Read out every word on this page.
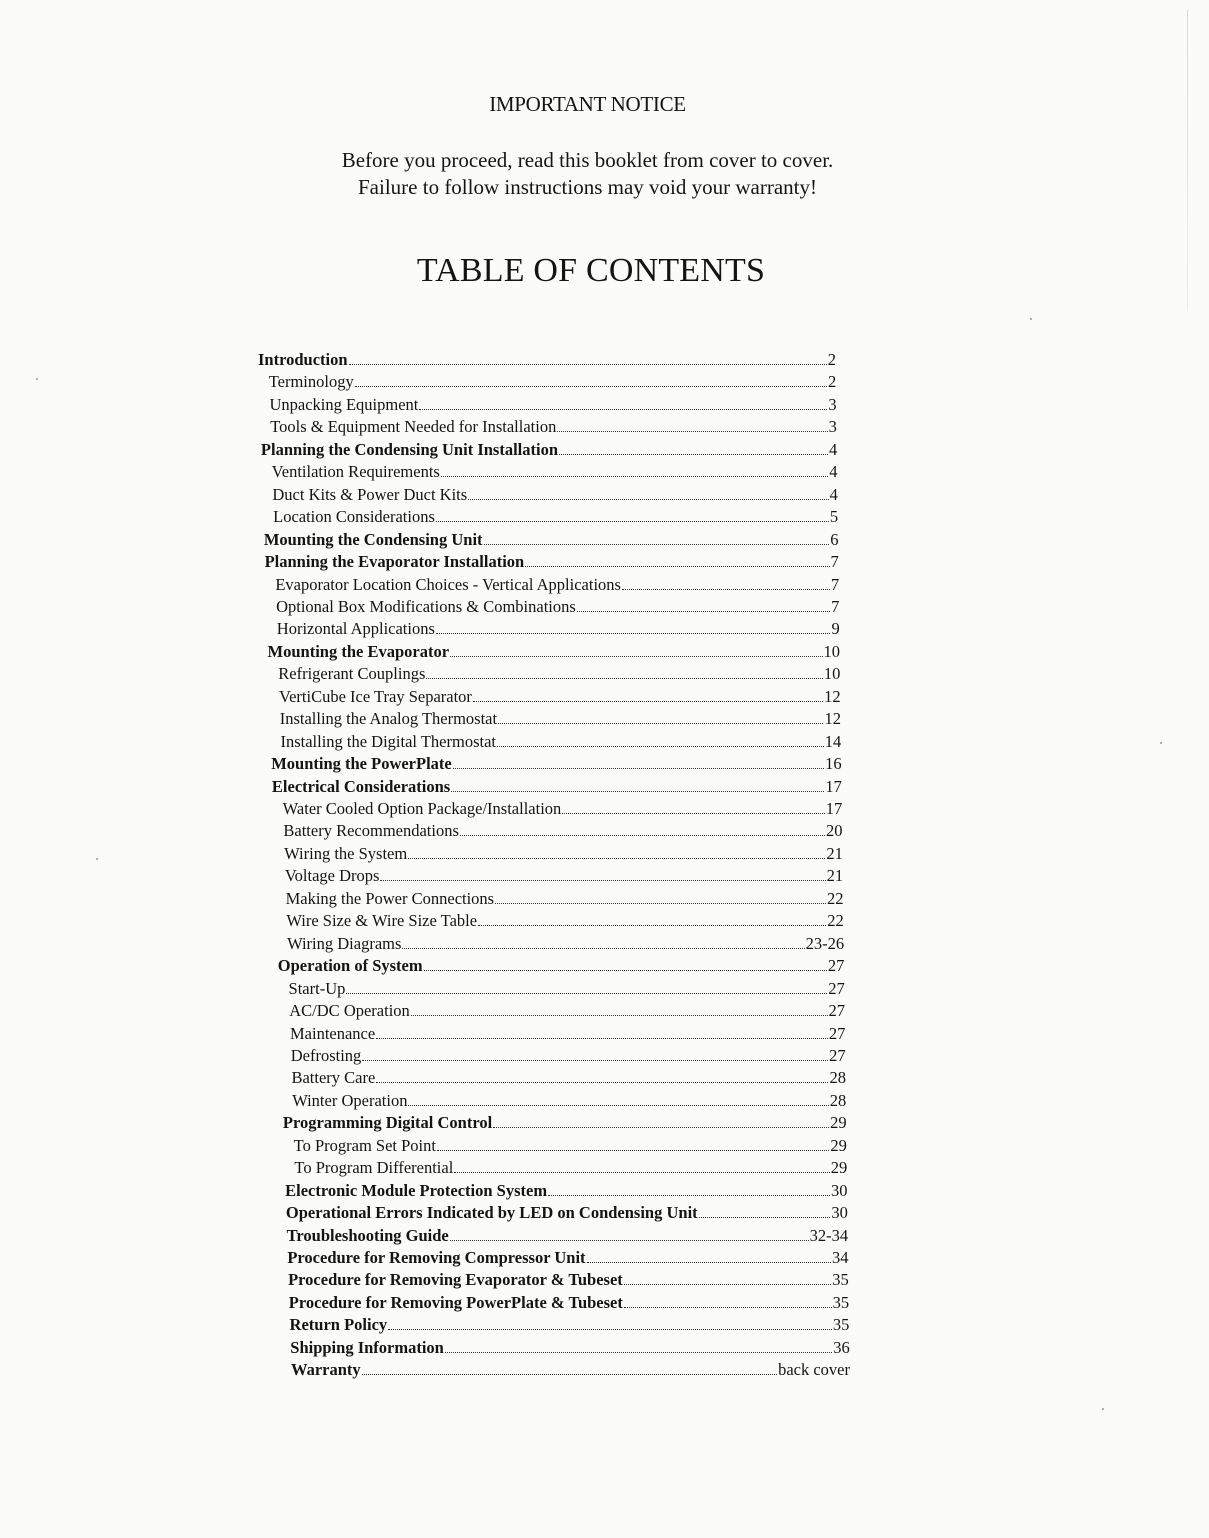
IMPORTANT NOTICE
Before you proceed, read this booklet from cover to cover.
Failure to follow instructions may void your warranty!
TABLE OF CONTENTS
Introduction	2
Terminology	2
Unpacking Equipment	3
Tools & Equipment Needed for Installation	3
Planning the Condensing Unit Installation	4
Ventilation Requirements	4
Duct Kits & Power Duct Kits	4
Location Considerations	5
Mounting the Condensing Unit	6
Planning the Evaporator Installation	7
Evaporator Location Choices - Vertical Applications	7
Optional Box Modifications & Combinations	7
Horizontal Applications	9
Mounting the Evaporator	10
Refrigerant Couplings	10
VertiCube Ice Tray Separator	12
Installing the Analog Thermostat	12
Installing the Digital Thermostat	14
Mounting the PowerPlate	16
Electrical Considerations	17
Water Cooled Option Package/Installation	17
Battery Recommendations	20
Wiring the System	21
Voltage Drops	21
Making the Power Connections	22
Wire Size & Wire Size Table	22
Wiring Diagrams	23-26
Operation of System	27
Start-Up	27
AC/DC Operation	27
Maintenance	27
Defrosting	27
Battery Care	28
Winter Operation	28
Programming Digital Control	29
To Program Set Point	29
To Program Differential	29
Electronic Module Protection System	30
Operational Errors Indicated by LED on Condensing Unit	30
Troubleshooting Guide	32-34
Procedure for Removing Compressor Unit	34
Procedure for Removing Evaporator & Tubeset	35
Procedure for Removing PowerPlate & Tubeset	35
Return Policy	35
Shipping Information	36
Warranty	back cover
